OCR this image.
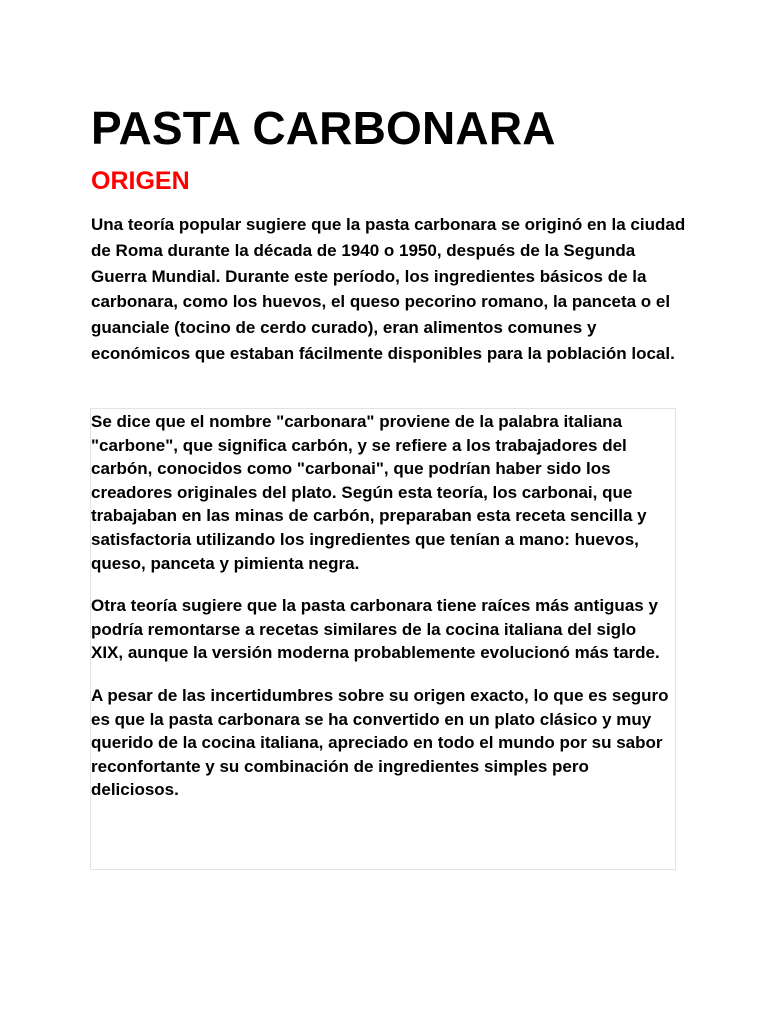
PASTA CARBONARA
ORIGEN

Una teoría popular sugiere que la pasta carbonara se originó en la ciudad de Roma durante la década de 1940 o 1950, después de la Segunda Guerra Mundial. Durante este período, los ingredientes básicos de la carbonara, como los huevos, el queso pecorino romano, la panceta o el guanciale (tocino de cerdo curado), eran alimentos comunes y económicos que estaban fácilmente disponibles para la población local.

Se dice que el nombre "carbonara" proviene de la palabra italiana "carbone", que significa carbón, y se refiere a los trabajadores del carbón, conocidos como "carbonai", que podrían haber sido los creadores originales del plato. Según esta teoría, los carbonai, que trabajaban en las minas de carbón, preparaban esta receta sencilla y satisfactoria utilizando los ingredientes que tenían a mano: huevos, queso, panceta y pimienta negra.

Otra teoría sugiere que la pasta carbonara tiene raíces más antiguas y podría remontarse a recetas similares de la cocina italiana del siglo XIX, aunque la versión moderna probablemente evolucionó más tarde.

A pesar de las incertidumbres sobre su origen exacto, lo que es seguro es que la pasta carbonara se ha convertido en un plato clásico y muy querido de la cocina italiana, apreciado en todo el mundo por su sabor reconfortante y su combinación de ingredientes simples pero deliciosos.
